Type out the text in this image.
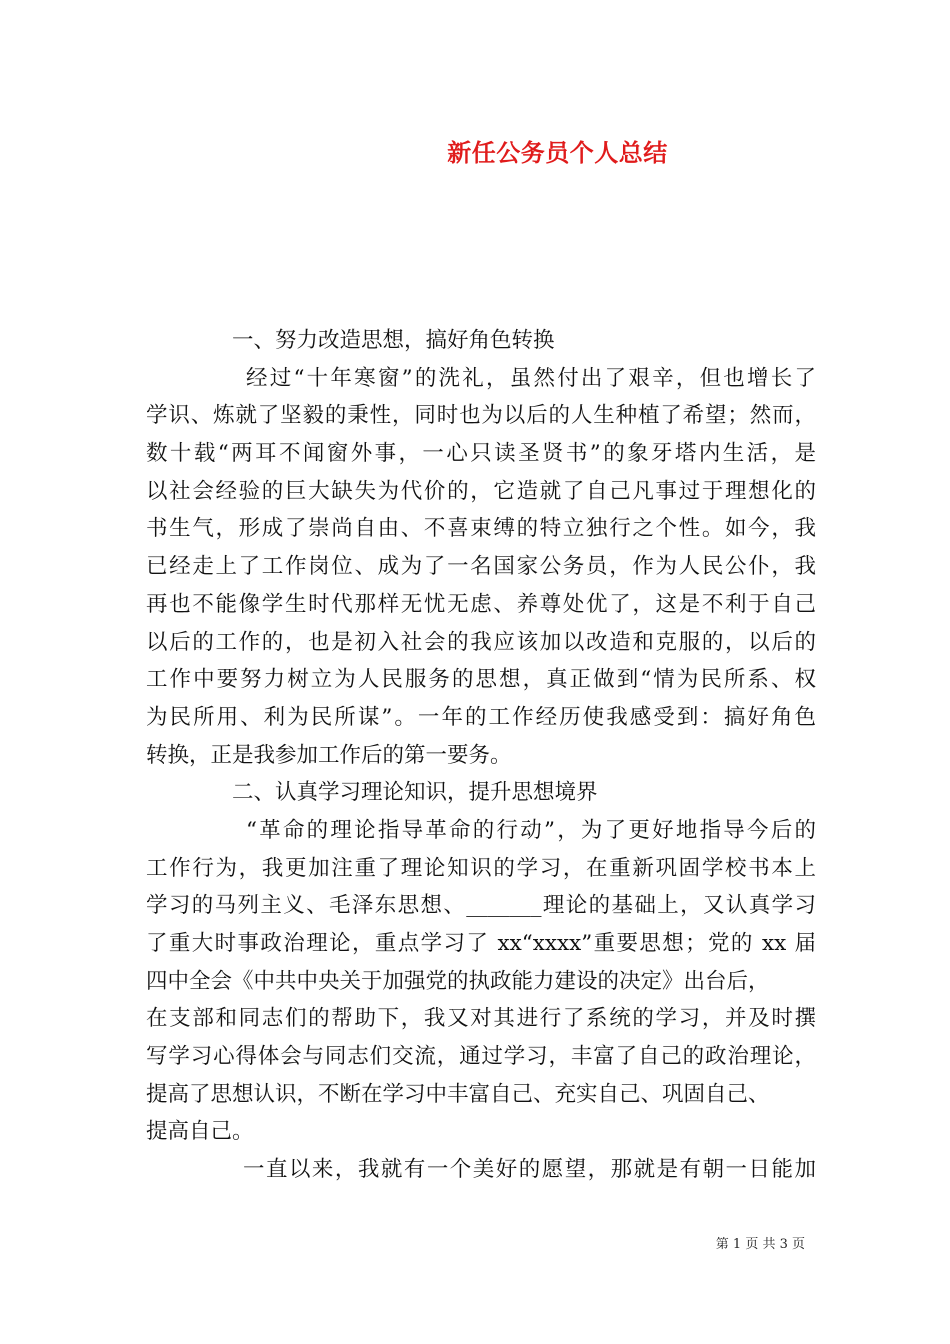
新任公务员个人总结
一、努力改造思想，搞好角色转换
经过“十年寒窗”的洗礼，虽然付出了艰辛，但也增长了
学识、炼就了坚毅的秉性，同时也为以后的人生种植了希望；然而，
数十载“两耳不闻窗外事，一心只读圣贤书”的象牙塔内生活，是
以社会经验的巨大缺失为代价的，它造就了自己凡事过于理想化的
书生气，形成了崇尚自由、不喜束缚的特立独行之个性。如今，我
已经走上了工作岗位、成为了一名国家公务员，作为人民公仆，我
再也不能像学生时代那样无忧无虑、养尊处优了，这是不利于自己
以后的工作的，也是初入社会的我应该加以改造和克服的，以后的
工作中要努力树立为人民服务的思想，真正做到“情为民所系、权
为民所用、利为民所谋”。一年的工作经历使我感受到：搞好角色
转换，正是我参加工作后的第一要务。
二、认真学习理论知识，提升思想境界
“革命的理论指导革命的行动”，为了更好地指导今后的
工作行为，我更加注重了理论知识的学习，在重新巩固学校书本上
学习的马列主义、毛泽东思想、_______理论的基础上，又认真学习
了重大时事政治理论，重点学习了 xx“xxxx”重要思想；党的 xx 届
四中全会《中共中央关于加强党的执政能力建设的决定》出台后，
在支部和同志们的帮助下，我又对其进行了系统的学习，并及时撰
写学习心得体会与同志们交流，通过学习，丰富了自己的政治理论，
提高了思想认识，不断在学习中丰富自己、充实自己、巩固自己、
提高自己。
一直以来，我就有一个美好的愿望，那就是有朝一日能加
第 1 页 共 3 页
